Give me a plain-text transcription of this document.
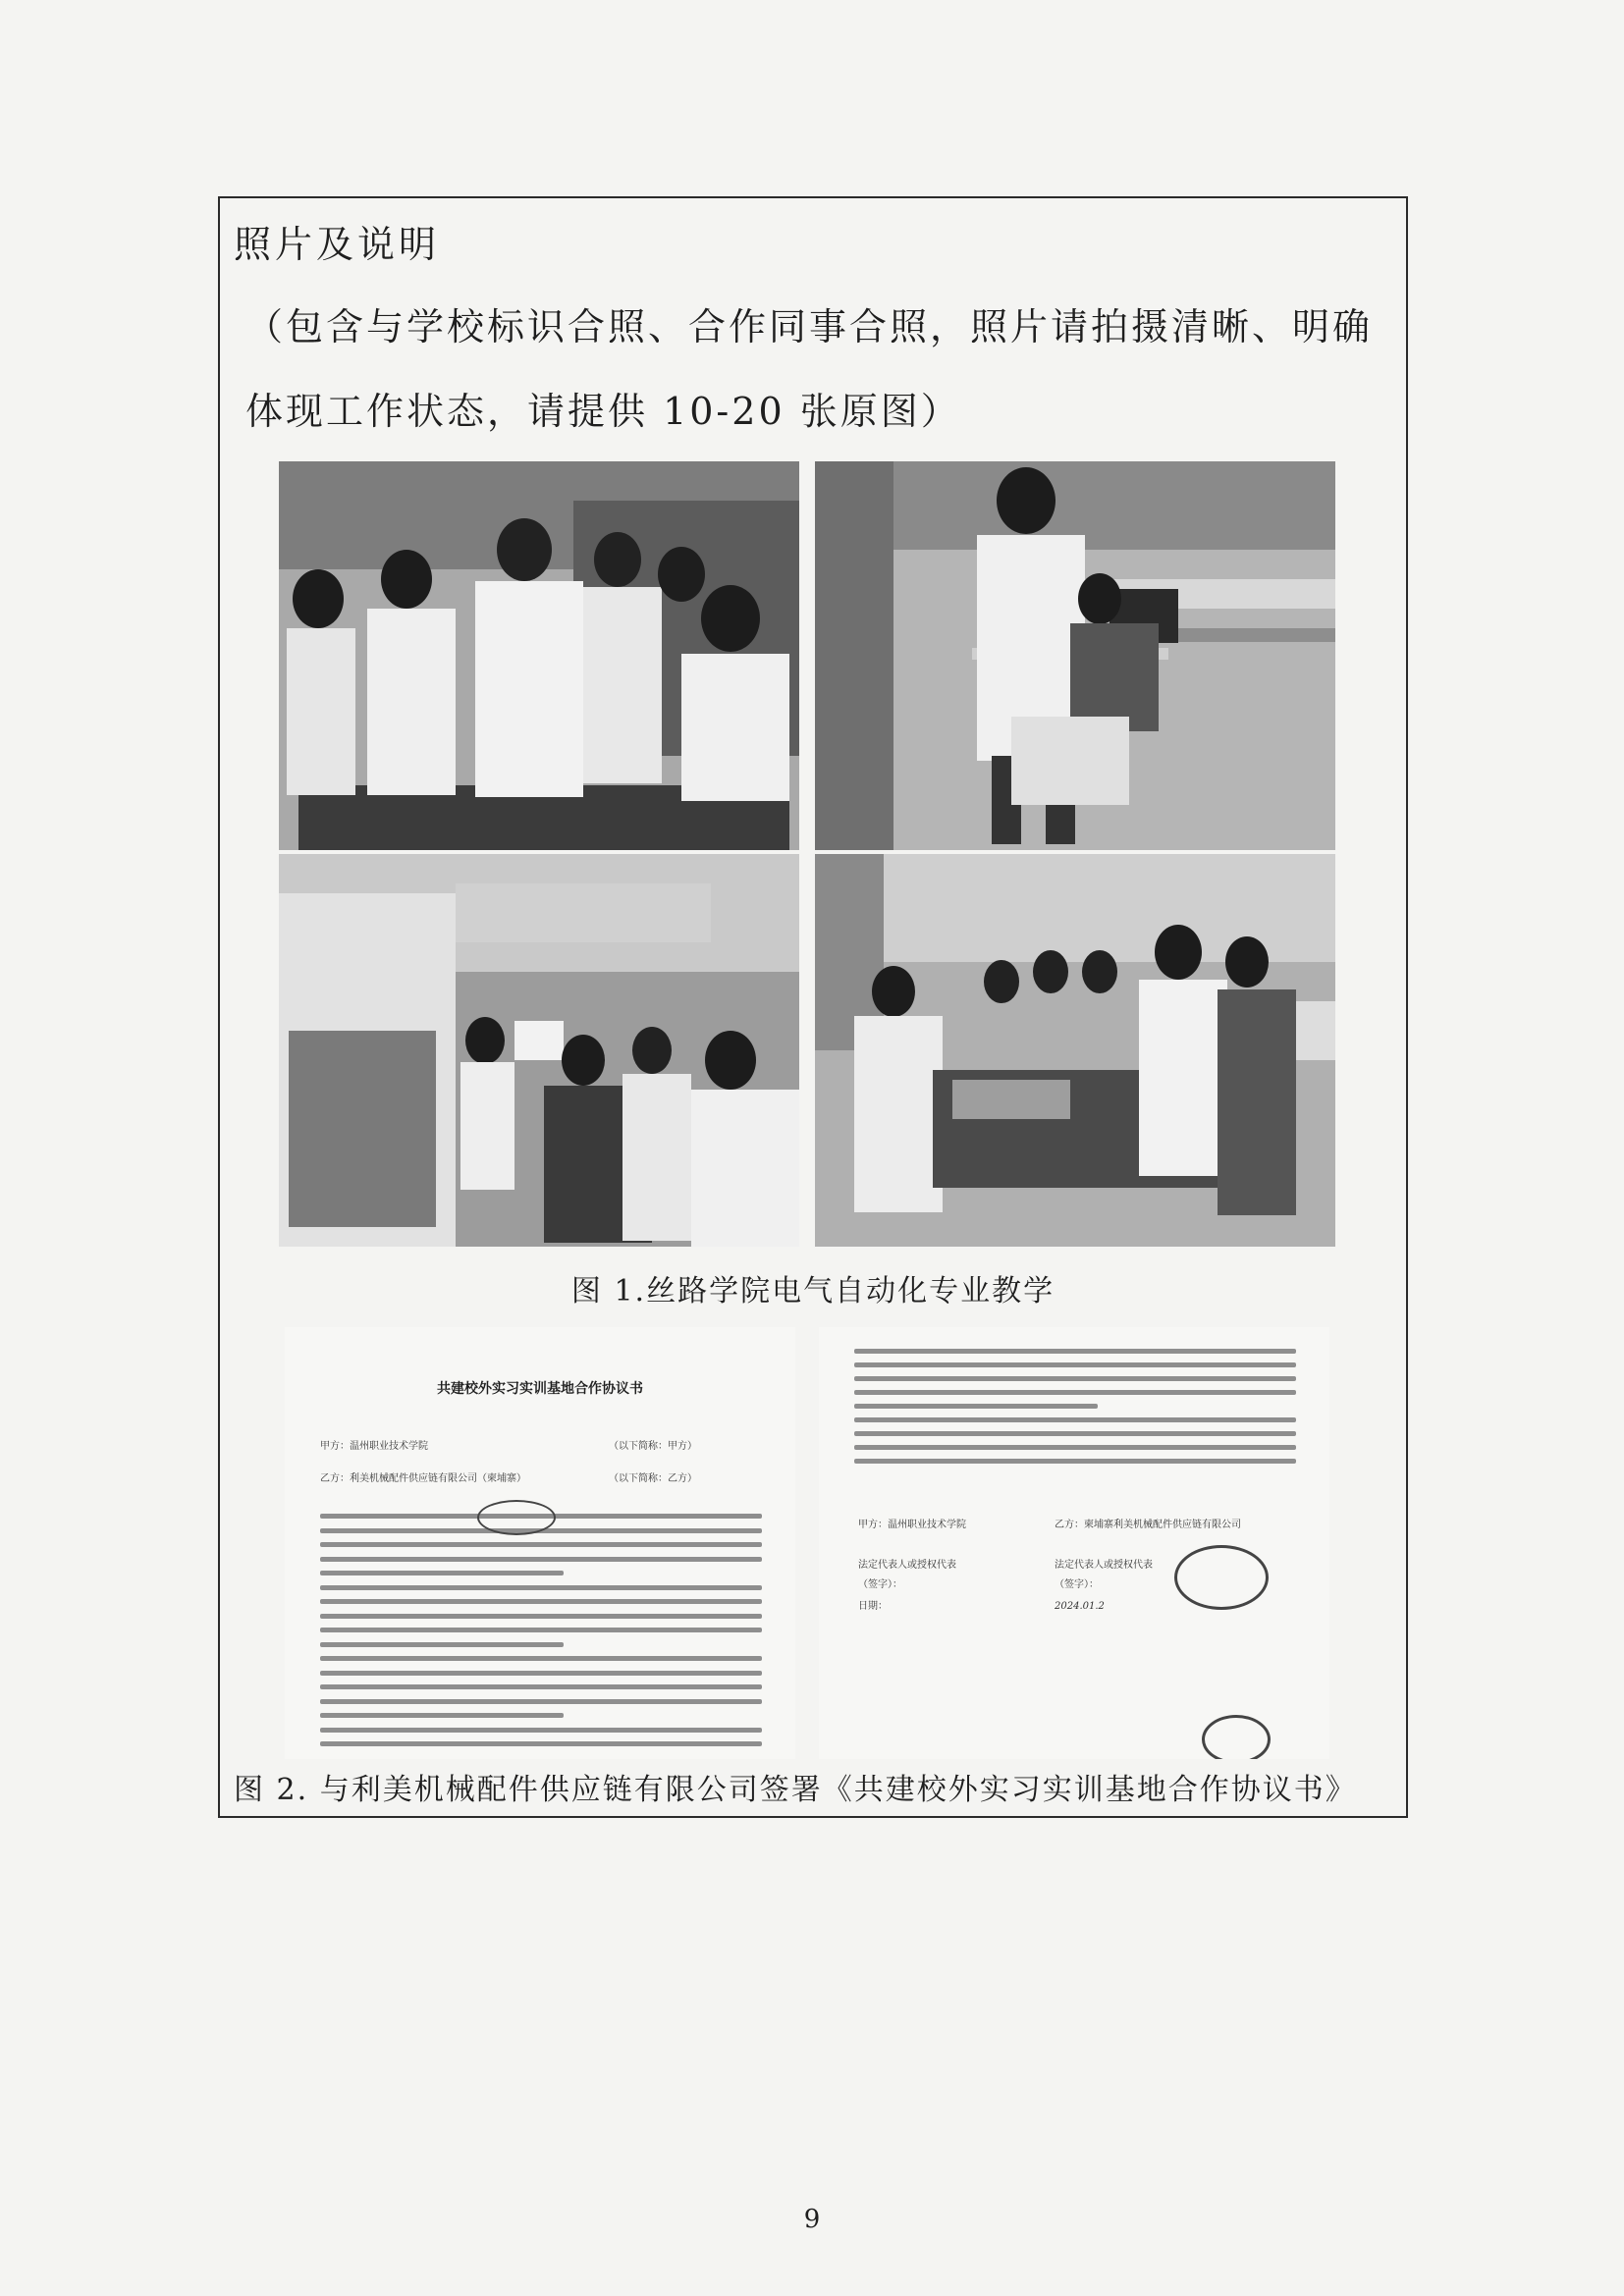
照片及说明
（包含与学校标识合照、合作同事合照，照片请拍摄清晰、明确体现工作状态，请提供 10-20 张原图）
图 1.丝路学院电气自动化专业教学
共建校外实习实训基地合作协议书
甲方：温州职业技术学院	（以下简称：甲方）
乙方：利美机械配件供应链有限公司（柬埔寨）	（以下简称：乙方）
甲方：温州职业技术学院	乙方：柬埔寨利美机械配件供应链有限公司
法定代表人或授权代表	法定代表人或授权代表
（签字）：	（签字）：
日期：	2024.01.2
图 2. 与利美机械配件供应链有限公司签署《共建校外实习实训基地合作协议书》
9
